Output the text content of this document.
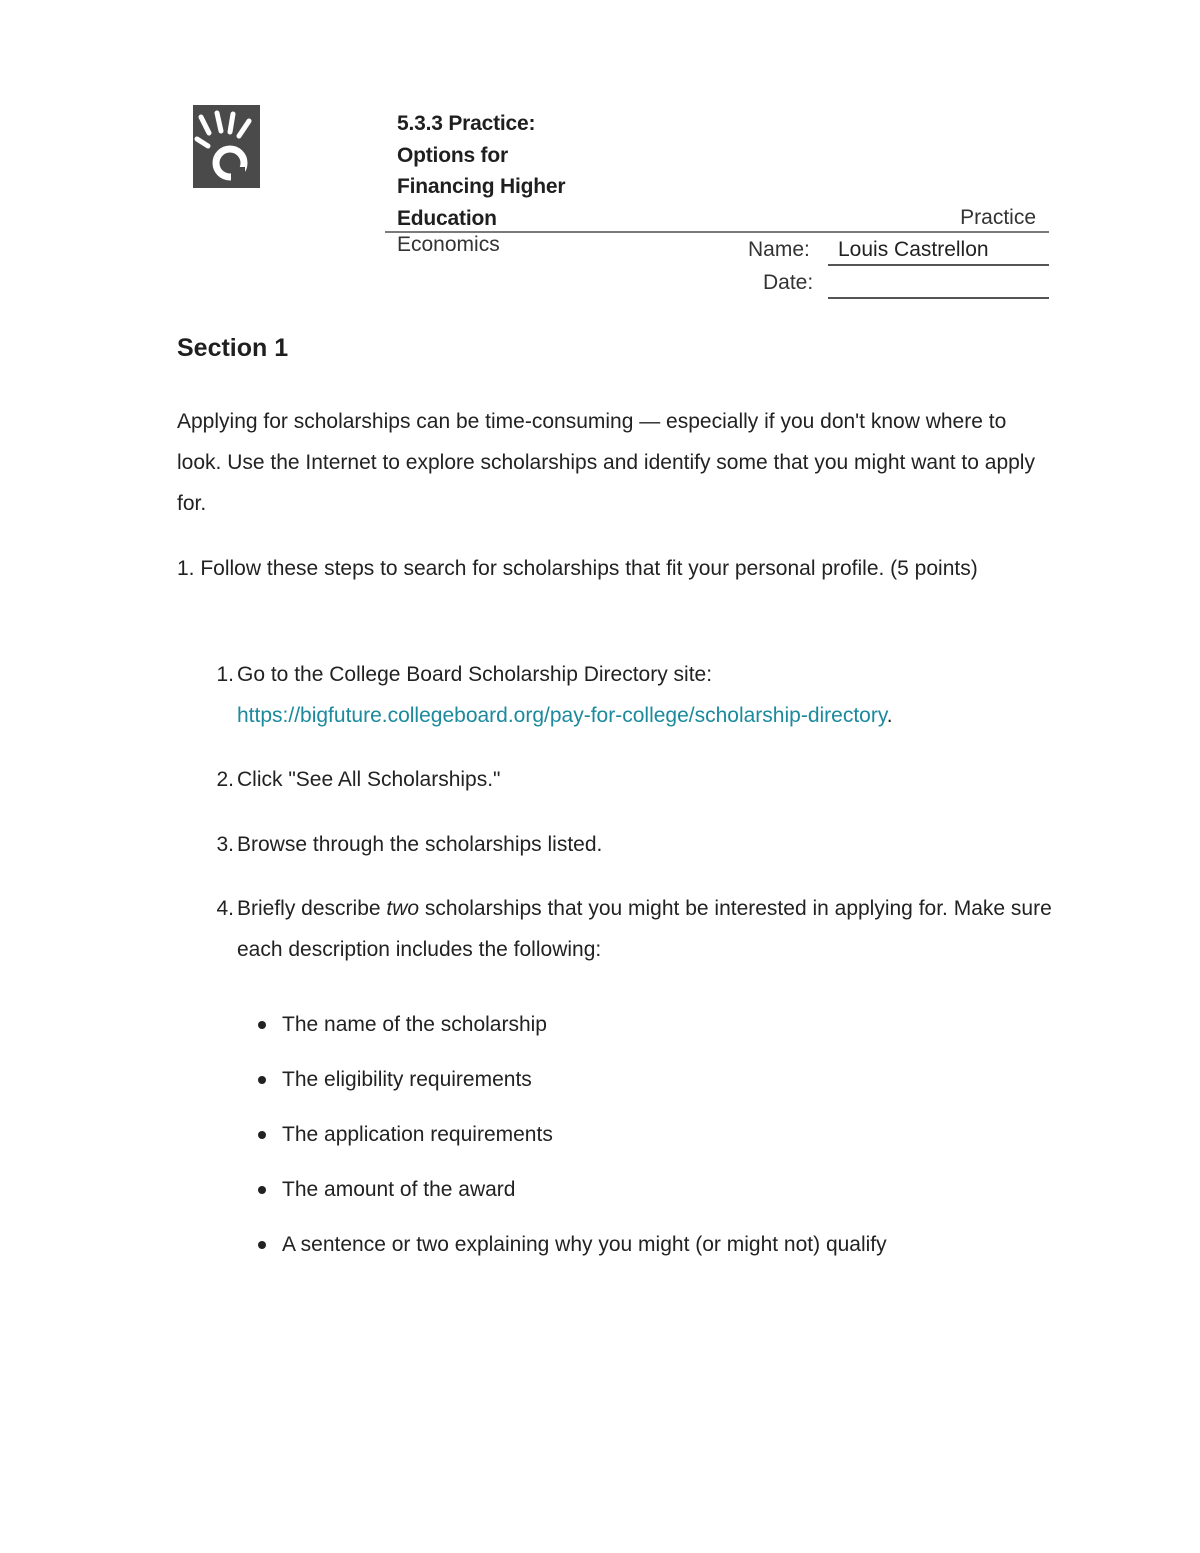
5.3.3 Practice:
Options for
Financing Higher
Education	Practice
Economics	Name: Louis Castrellon
Date:
Section 1

Applying for scholarships can be time-consuming — especially if you don't know where to look. Use the Internet to explore scholarships and identify some that you might want to apply for.

1. Follow these steps to search for scholarships that fit your personal profile. (5 points)

1. Go to the College Board Scholarship Directory site:
https://bigfuture.collegeboard.org/pay-for-college/scholarship-directory.
2. Click "See All Scholarships."
3. Browse through the scholarships listed.
4. Briefly describe two scholarships that you might be interested in applying for. Make sure each description includes the following:
The name of the scholarship
The eligibility requirements
The application requirements
The amount of the award
A sentence or two explaining why you might (or might not) qualify
